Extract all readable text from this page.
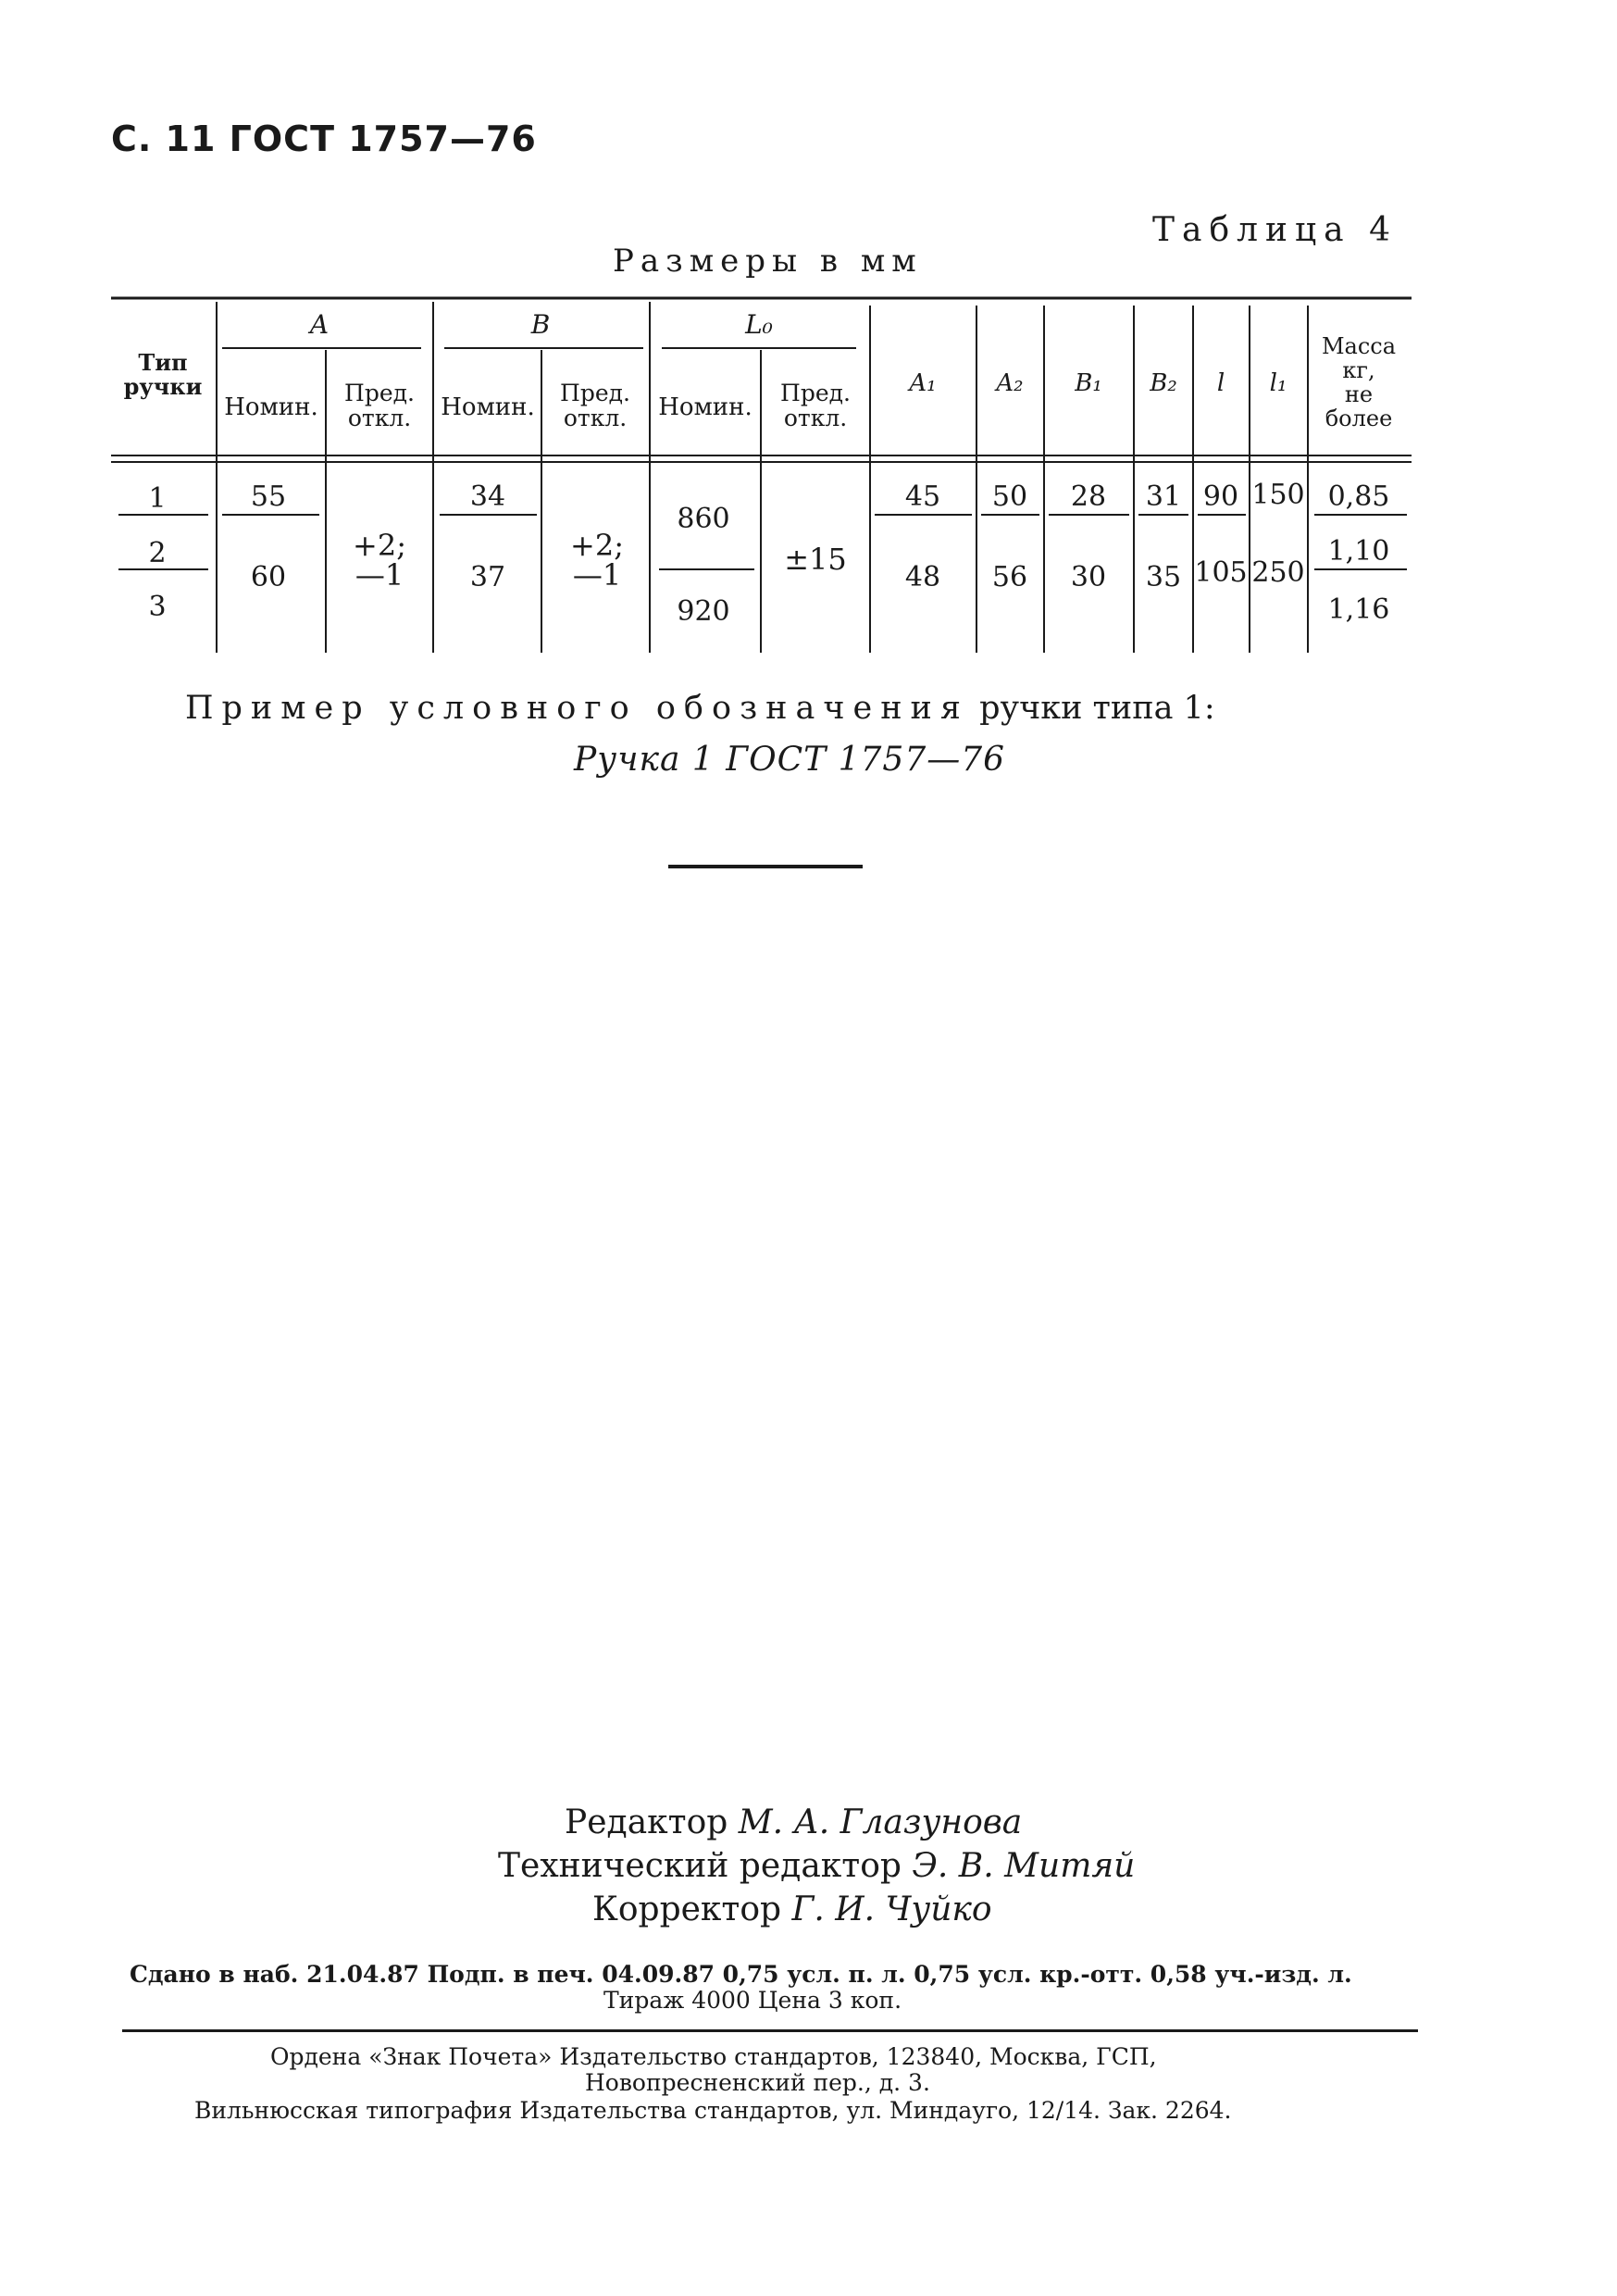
С. 11 ГОСТ 1757—76
Таблица 4
Размеры в мм
Тип ручки
A	B	L₀
Номин.
Пред. откл. Номин.
Пред. откл. Номин.
Пред. откл.
A₁ A₂ B₁ B₂ l l₁
Масса кг, не более
1
2
3
55
60
+2; —1
34
37
+2; —1
860
920
±15
45
48
50
56
28
30
31
35
90
105
150
250
0,85
1,10
1,16
Пример условного обозначения ручки типа 1:
Ручка 1 ГОСТ 1757—76
Редактор М. А. Глазунова
Технический редактор Э. В. Митяй
Корректор Г. И. Чуйко
Сдано в наб. 21.04.87 Подп. в печ. 04.09.87 0,75 усл. п. л. 0,75 усл. кр.-отт. 0,58 уч.-изд. л.
Тираж 4000 Цена 3 коп.
Ордена «Знак Почета» Издательство стандартов, 123840, Москва, ГСП,
Новопресненский пер., д. 3.
Вильнюсская типография Издательства стандартов, ул. Миндауго, 12/14. Зак. 2264.
